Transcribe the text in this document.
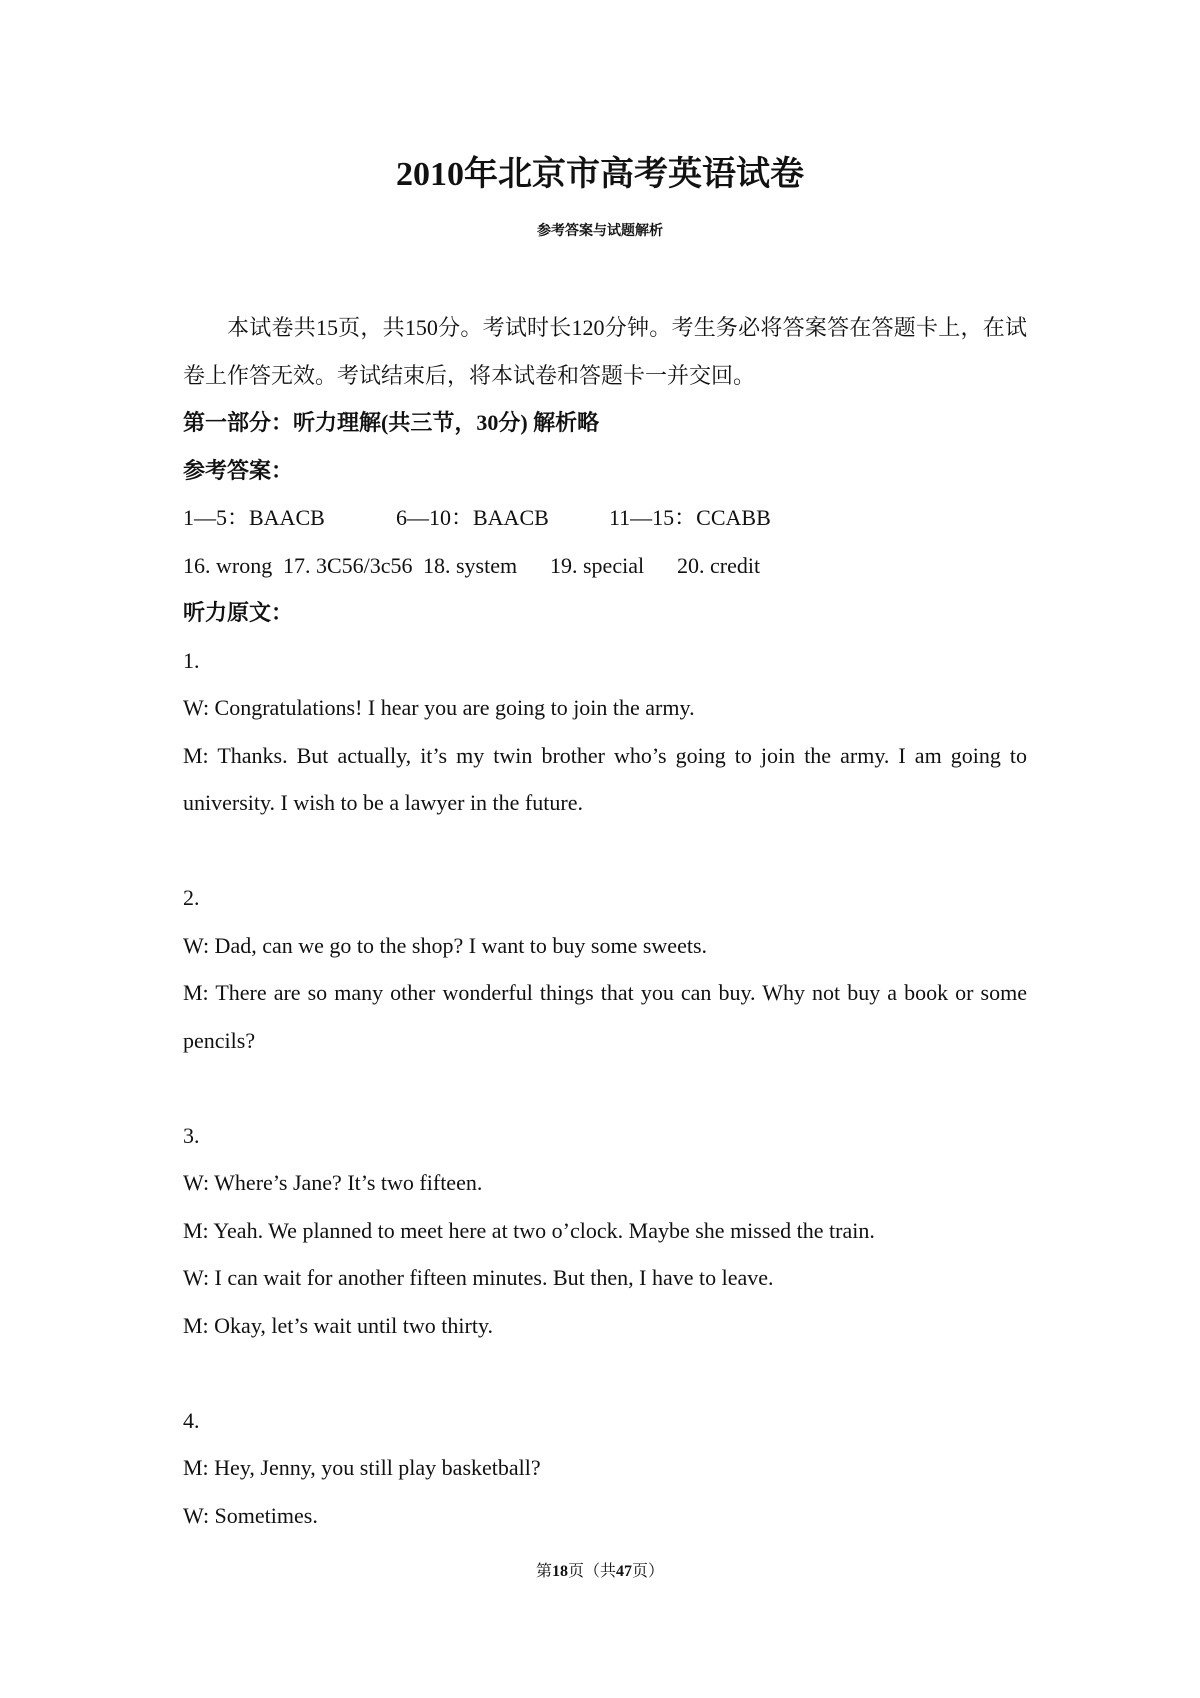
2010年北京市高考英语试卷
参考答案与试题解析

本试卷共15页，共150分。考试时长120分钟。考生务必将答案答在答题卡上，在试卷上作答无效。考试结束后，将本试卷和答题卡一并交回。

第一部分：听力理解(共三节，30分) 解析略

参考答案：

1—5：BAACB	6—10：BAACB	11—15：CCABB

16. wrong 17. 3C56/3c56 18. system 19. special 20. credit

听力原文：

1.

W: Congratulations! I hear you are going to join the army.

M: Thanks. But actually, it’s my twin brother who’s going to join the army. I am going to university. I wish to be a lawyer in the future.

2.

W: Dad, can we go to the shop? I want to buy some sweets.

M: There are so many other wonderful things that you can buy. Why not buy a book or some pencils?

3.

W: Where’s Jane? It’s two fifteen.

M: Yeah. We planned to meet here at two o’clock. Maybe she missed the train.

W: I can wait for another fifteen minutes. But then, I have to leave.

M: Okay, let’s wait until two thirty.

4.

M: Hey, Jenny, you still play basketball?

W: Sometimes.

第18页（共47页）
